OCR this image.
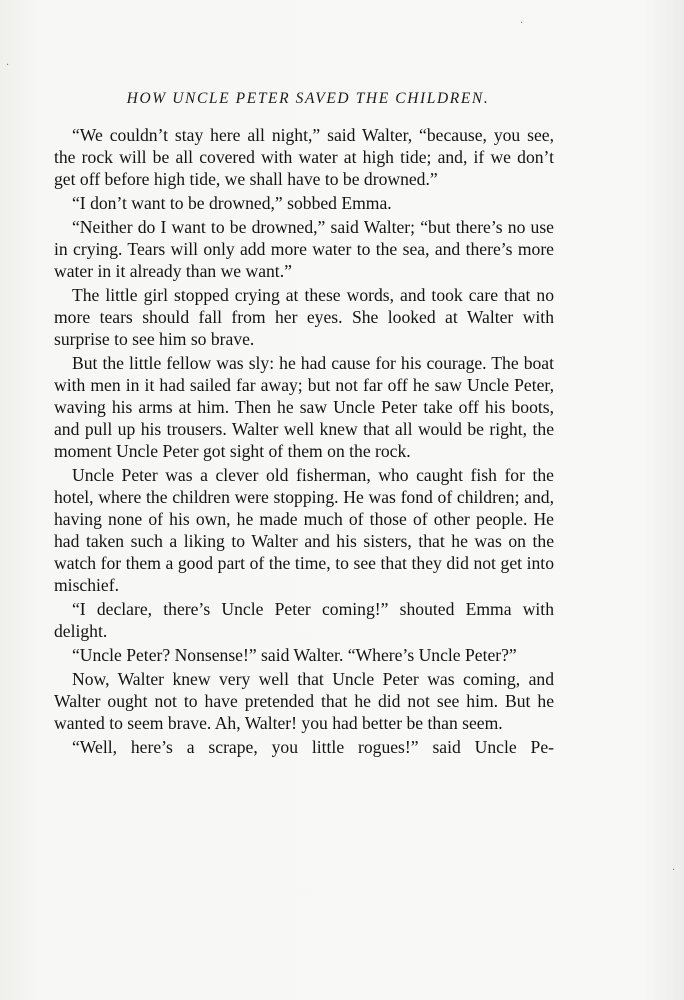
HOW UNCLE PETER SAVED THE CHILDREN.

“We couldn’t stay here all night,” said Walter, “because, you see, the rock will be all covered with water at high tide; and, if we don’t get off before high tide, we shall have to be drowned.”

“I don’t want to be drowned,” sobbed Emma.

“Neither do I want to be drowned,” said Walter; “but there’s no use in crying. Tears will only add more water to the sea, and there’s more water in it already than we want.”

The little girl stopped crying at these words, and took care that no more tears should fall from her eyes. She looked at Walter with surprise to see him so brave.

But the little fellow was sly: he had cause for his courage. The boat with men in it had sailed far away; but not far off he saw Uncle Peter, waving his arms at him. Then he saw Uncle Peter take off his boots, and pull up his trousers. Walter well knew that all would be right, the moment Uncle Peter got sight of them on the rock.

Uncle Peter was a clever old fisherman, who caught fish for the hotel, where the children were stopping. He was fond of children; and, having none of his own, he made much of those of other people. He had taken such a liking to Walter and his sisters, that he was on the watch for them a good part of the time, to see that they did not get into mischief.

“I declare, there’s Uncle Peter coming!” shouted Emma with delight.

“Uncle Peter? Nonsense!” said Walter. “Where’s Uncle Peter?”

Now, Walter knew very well that Uncle Peter was coming, and Walter ought not to have pretended that he did not see him. But he wanted to seem brave. Ah, Walter! you had better be than seem.

“Well, here’s a scrape, you little rogues!” said Uncle Pe-

·
·
·
